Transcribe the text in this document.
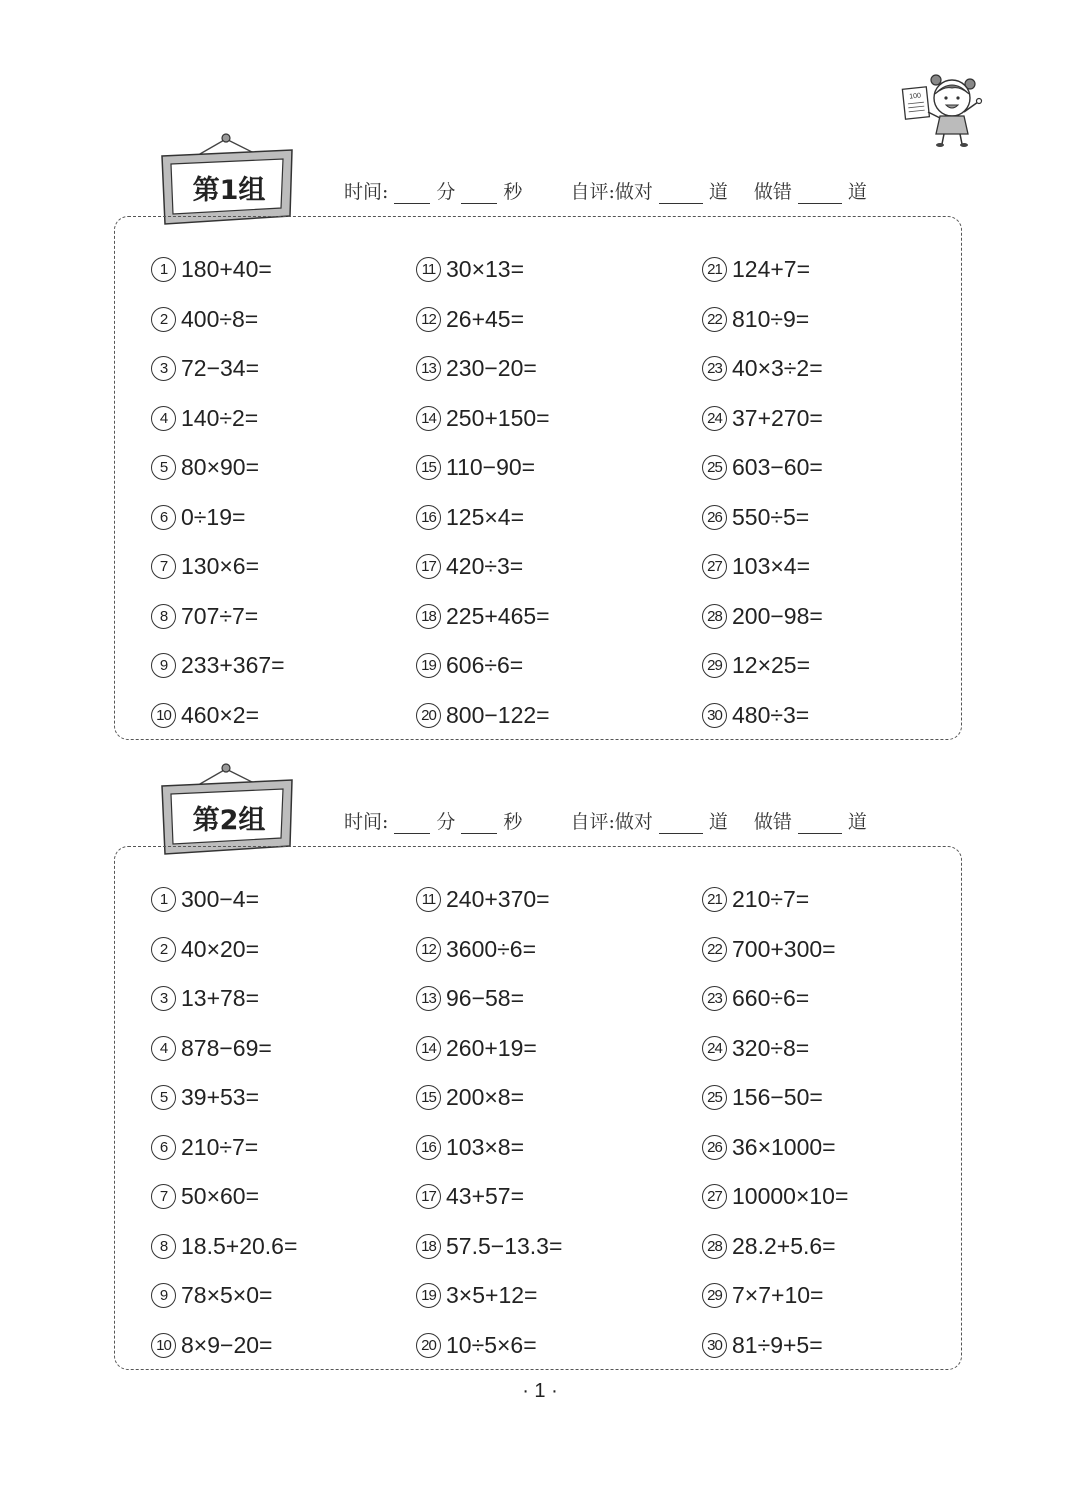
100
第1组	时间:	分	秒	自评:做对	道 做错	道
1 180+40=
2 400÷8=
3 72−34=
4 140÷2=
5 80×90=
6 0÷19=
7 130×6=
8 707÷7=
9 233+367=
10 460×2=
11 30×13=
12 26+45=
13 230−20=
14 250+150=
15 110−90=
16 125×4=
17 420÷3=
18 225+465=
19 606÷6=
20 800−122=
21 124+7=
22 810÷9=
23 40×3÷2=
24 37+270=
25 603−60=
26 550÷5=
27 103×4=
28 200−98=
29 12×25=
30 480÷3=
第2组	时间:	分	秒	自评:做对	道 做错	道
1 300−4=
2 40×20=
3 13+78=
4 878−69=
5 39+53=
6 210÷7=
7 50×60=
8 18.5+20.6=
9 78×5×0=
10 8×9−20=
11 240+370=
12 3600÷6=
13 96−58=
14 260+19=
15 200×8=
16 103×8=
17 43+57=
18 57.5−13.3=
19 3×5+12=
20 10÷5×6=
21 210÷7=
22 700+300=
23 660÷6=
24 320÷8=
25 156−50=
26 36×1000=
27 10000×10=
28 28.2+5.6=
29 7×7+10=
30 81÷9+5=
· 1 ·
